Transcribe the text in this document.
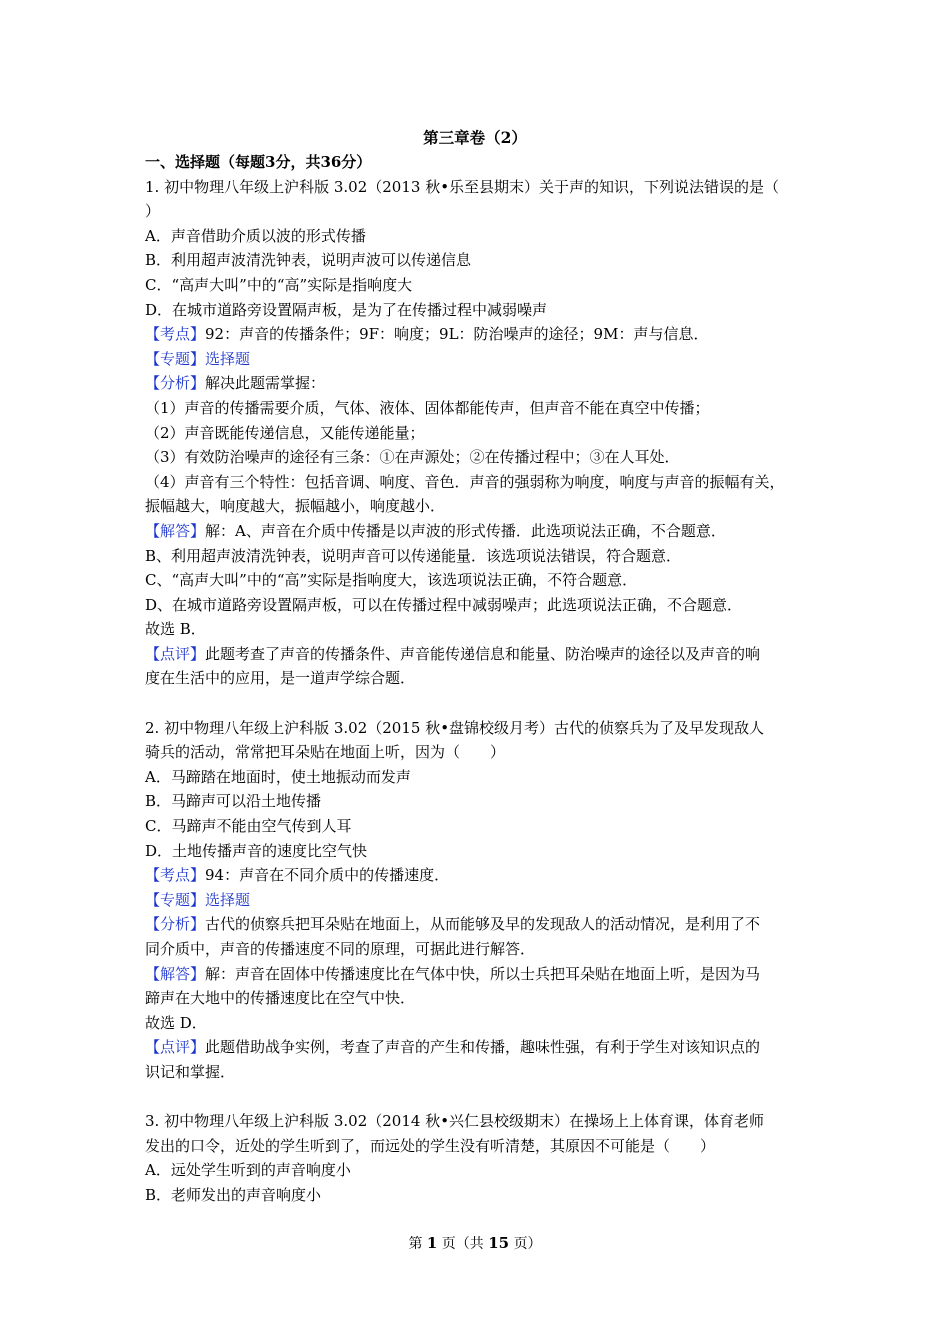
第三章卷（2）
一、选择题（每题3分，共36分）
1. 初中物理八年级上沪科版 3.02（2013 秋•乐至县期末）关于声的知识，下列说法错误的是（
）
A．声音借助介质以波的形式传播
B．利用超声波清洗钟表，说明声波可以传递信息
C．“高声大叫”中的“高”实际是指响度大
D．在城市道路旁设置隔声板，是为了在传播过程中减弱噪声
【考点】92：声音的传播条件；9F：响度；9L：防治噪声的途径；9M：声与信息．
【专题】选择题
【分析】解决此题需掌握：
（1）声音的传播需要介质，气体、液体、固体都能传声，但声音不能在真空中传播；
（2）声音既能传递信息，又能传递能量；
（3）有效防治噪声的途径有三条：①在声源处；②在传播过程中；③在人耳处．
（4）声音有三个特性：包括音调、响度、音色．声音的强弱称为响度，响度与声音的振幅有关，
振幅越大，响度越大，振幅越小，响度越小．
【解答】解：A、声音在介质中传播是以声波的形式传播．此选项说法正确，不合题意．
B、利用超声波清洗钟表，说明声音可以传递能量．该选项说法错误，符合题意．
C、“高声大叫”中的“高”实际是指响度大，该选项说法正确，不符合题意．
D、在城市道路旁设置隔声板，可以在传播过程中减弱噪声；此选项说法正确，不合题意．
故选 B．
【点评】此题考查了声音的传播条件、声音能传递信息和能量、防治噪声的途径以及声音的响
度在生活中的应用，是一道声学综合题．
2. 初中物理八年级上沪科版 3.02（2015 秋•盘锦校级月考）古代的侦察兵为了及早发现敌人
骑兵的活动，常常把耳朵贴在地面上听，因为（　　）
A．马蹄踏在地面时，使土地振动而发声
B．马蹄声可以沿土地传播
C．马蹄声不能由空气传到人耳
D．土地传播声音的速度比空气快
【考点】94：声音在不同介质中的传播速度．
【专题】选择题
【分析】古代的侦察兵把耳朵贴在地面上，从而能够及早的发现敌人的活动情况，是利用了不
同介质中，声音的传播速度不同的原理，可据此进行解答．
【解答】解：声音在固体中传播速度比在气体中快，所以士兵把耳朵贴在地面上听，是因为马
蹄声在大地中的传播速度比在空气中快．
故选 D．
【点评】此题借助战争实例，考查了声音的产生和传播，趣味性强，有利于学生对该知识点的
识记和掌握．
3. 初中物理八年级上沪科版 3.02（2014 秋•兴仁县校级期末）在操场上上体育课，体育老师
发出的口令，近处的学生听到了，而远处的学生没有听清楚，其原因不可能是（　　）
A．远处学生听到的声音响度小
B．老师发出的声音响度小
第 1 页（共 15 页）
